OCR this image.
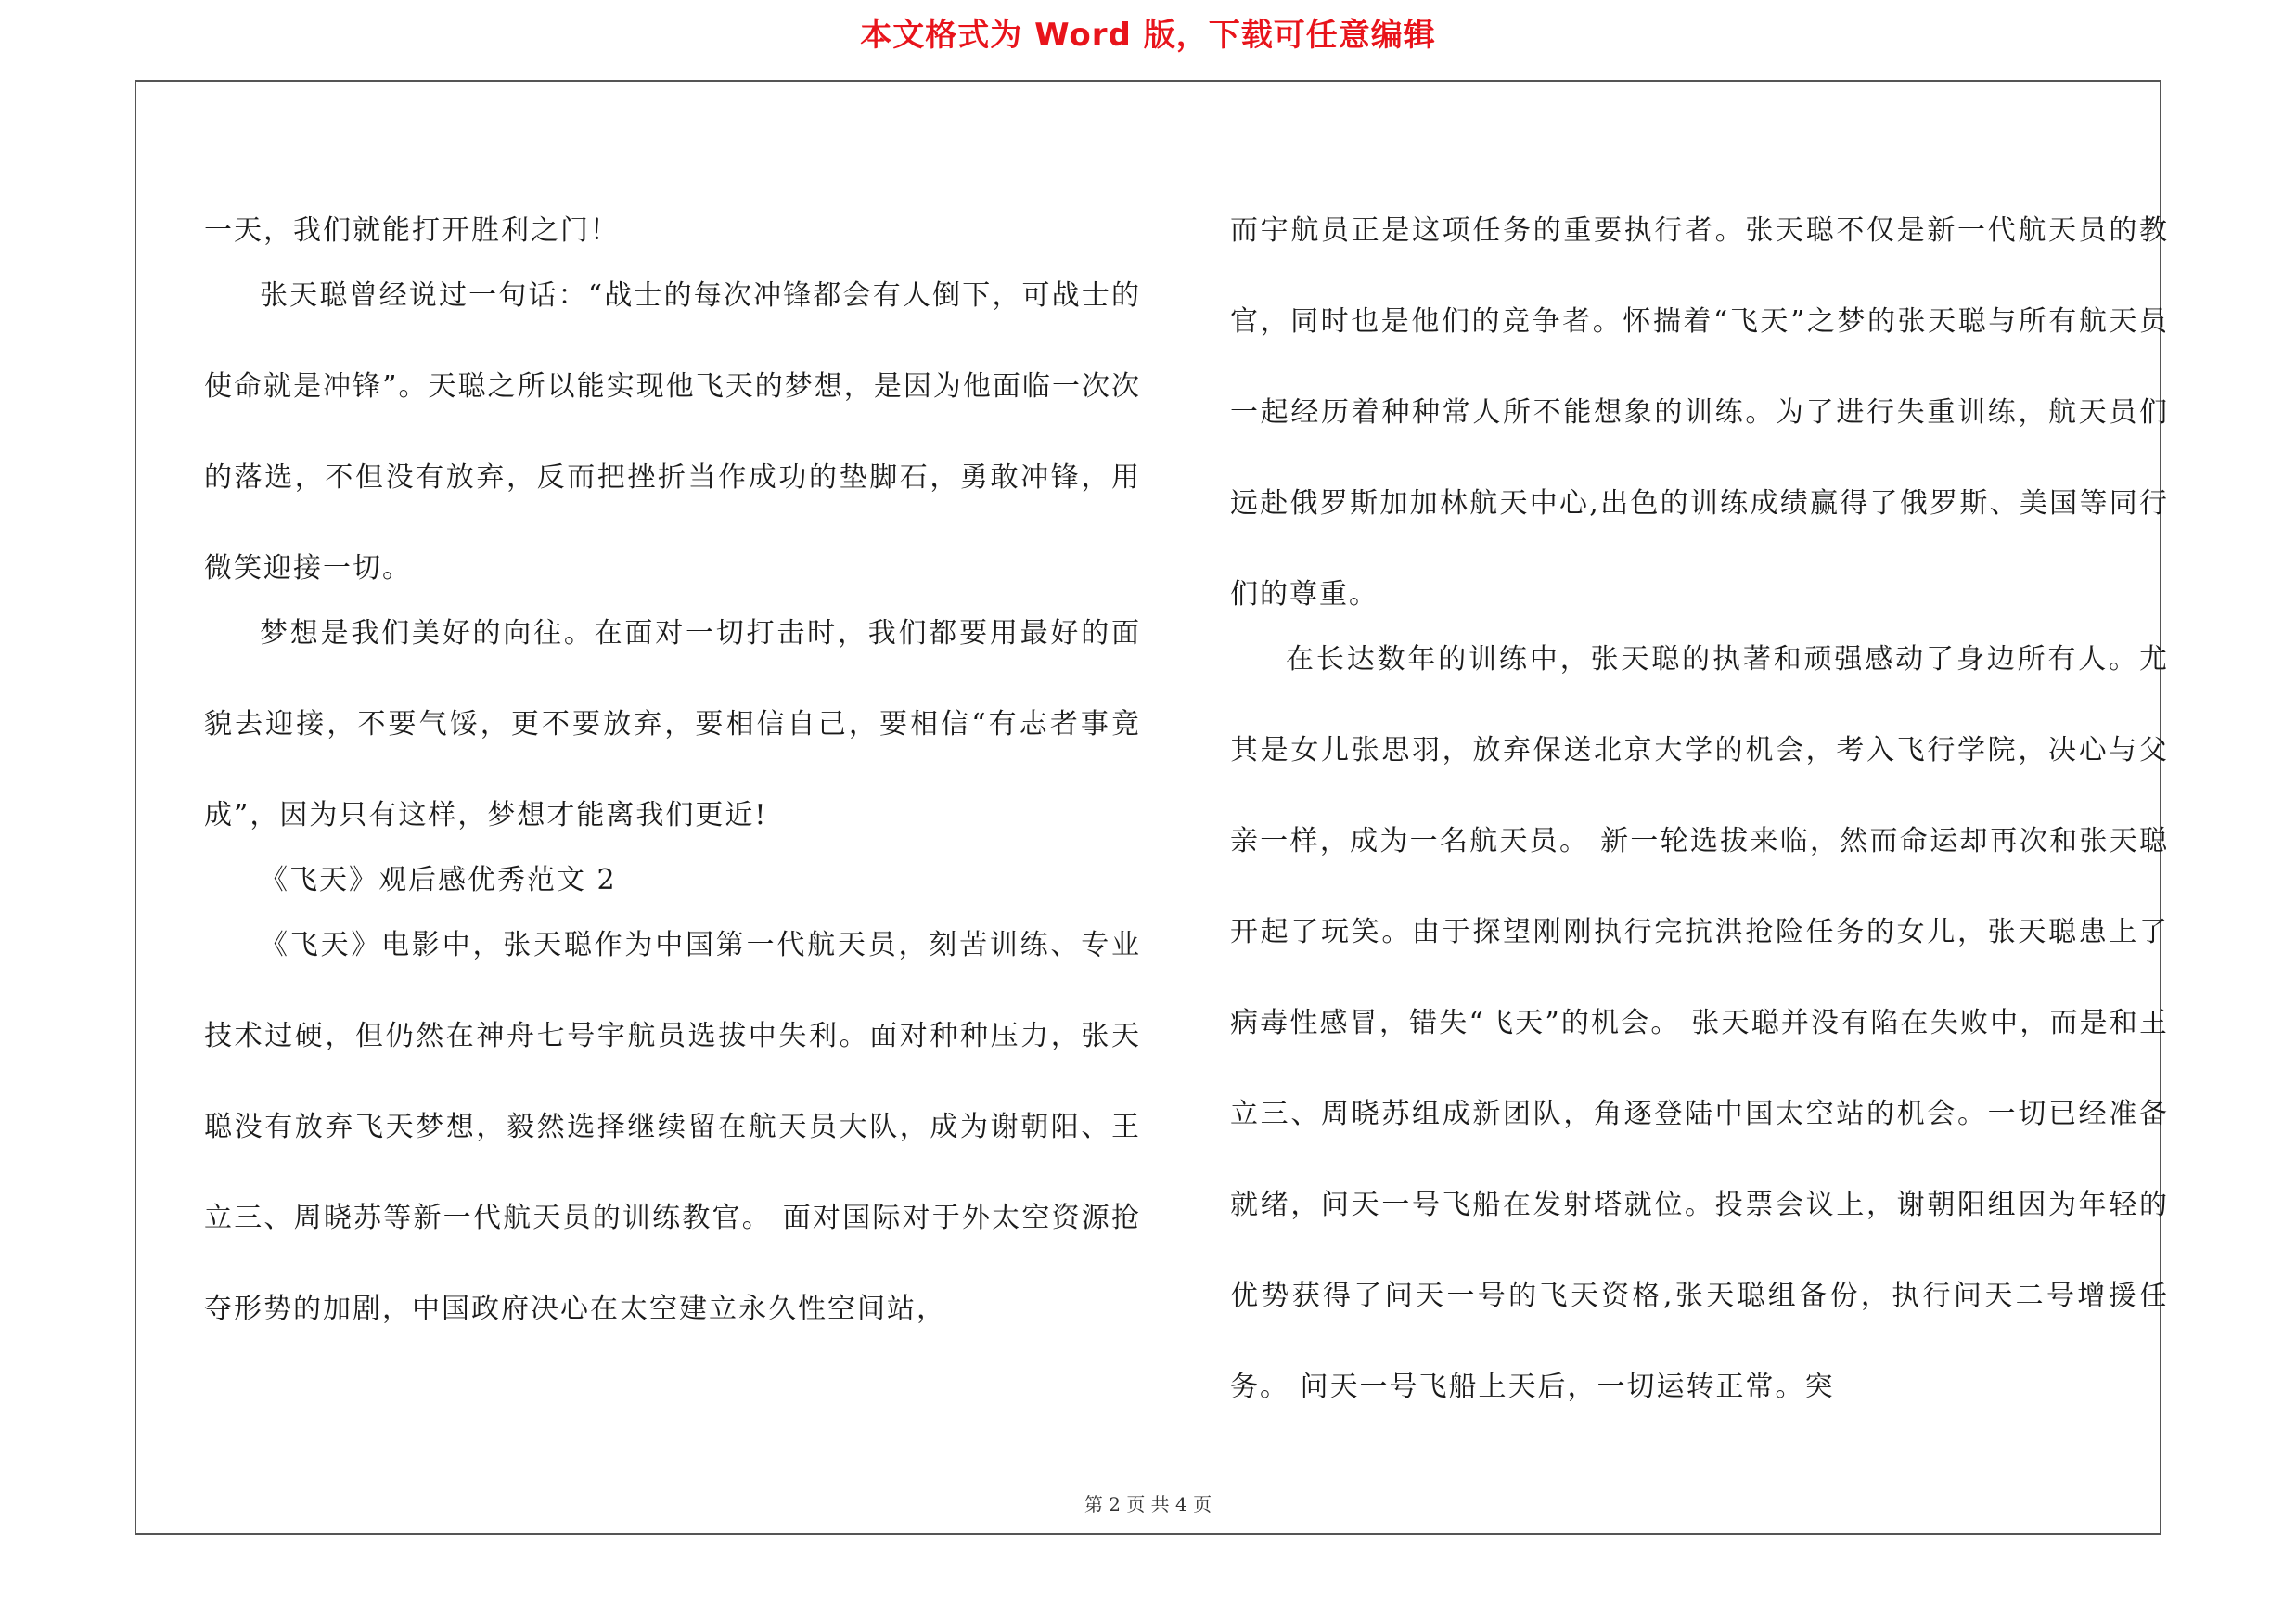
本文格式为 Word 版，下载可任意编辑

一天，我们就能打开胜利之门！

张天聪曾经说过一句话：“战士的每次冲锋都会有人倒下，可战士的使命就是冲锋”。天聪之所以能实现他飞天的梦想，是因为他面临一次次的落选，不但没有放弃，反而把挫折当作成功的垫脚石，勇敢冲锋，用微笑迎接一切。

梦想是我们美好的向往。在面对一切打击时，我们都要用最好的面貌去迎接，不要气馁，更不要放弃，要相信自己，要相信“有志者事竟成”，因为只有这样，梦想才能离我们更近!

《飞天》观后感优秀范文 2

《飞天》电影中，张天聪作为中国第一代航天员，刻苦训练、专业技术过硬，但仍然在神舟七号宇航员选拔中失利。面对种种压力，张天聪没有放弃飞天梦想，毅然选择继续留在航天员大队，成为谢朝阳、王立三、周晓苏等新一代航天员的训练教官。 面对国际对于外太空资源抢夺形势的加剧，中国政府决心在太空建立永久性空间站，

而宇航员正是这项任务的重要执行者。张天聪不仅是新一代航天员的教官，同时也是他们的竞争者。怀揣着“飞天”之梦的张天聪与所有航天员一起经历着种种常人所不能想象的训练。为了进行失重训练，航天员们远赴俄罗斯加加林航天中心,出色的训练成绩赢得了俄罗斯、美国等同行们的尊重。

在长达数年的训练中，张天聪的执著和顽强感动了身边所有人。尤其是女儿张思羽，放弃保送北京大学的机会，考入飞行学院，决心与父亲一样，成为一名航天员。 新一轮选拔来临，然而命运却再次和张天聪开起了玩笑。由于探望刚刚执行完抗洪抢险任务的女儿，张天聪患上了病毒性感冒，错失“飞天”的机会。 张天聪并没有陷在失败中，而是和王立三、周晓苏组成新团队，角逐登陆中国太空站的机会。一切已经准备就绪，问天一号飞船在发射塔就位。投票会议上，谢朝阳组因为年轻的优势获得了问天一号的飞天资格,张天聪组备份，执行问天二号增援任务。 问天一号飞船上天后，一切运转正常。突

第 2 页 共 4 页
